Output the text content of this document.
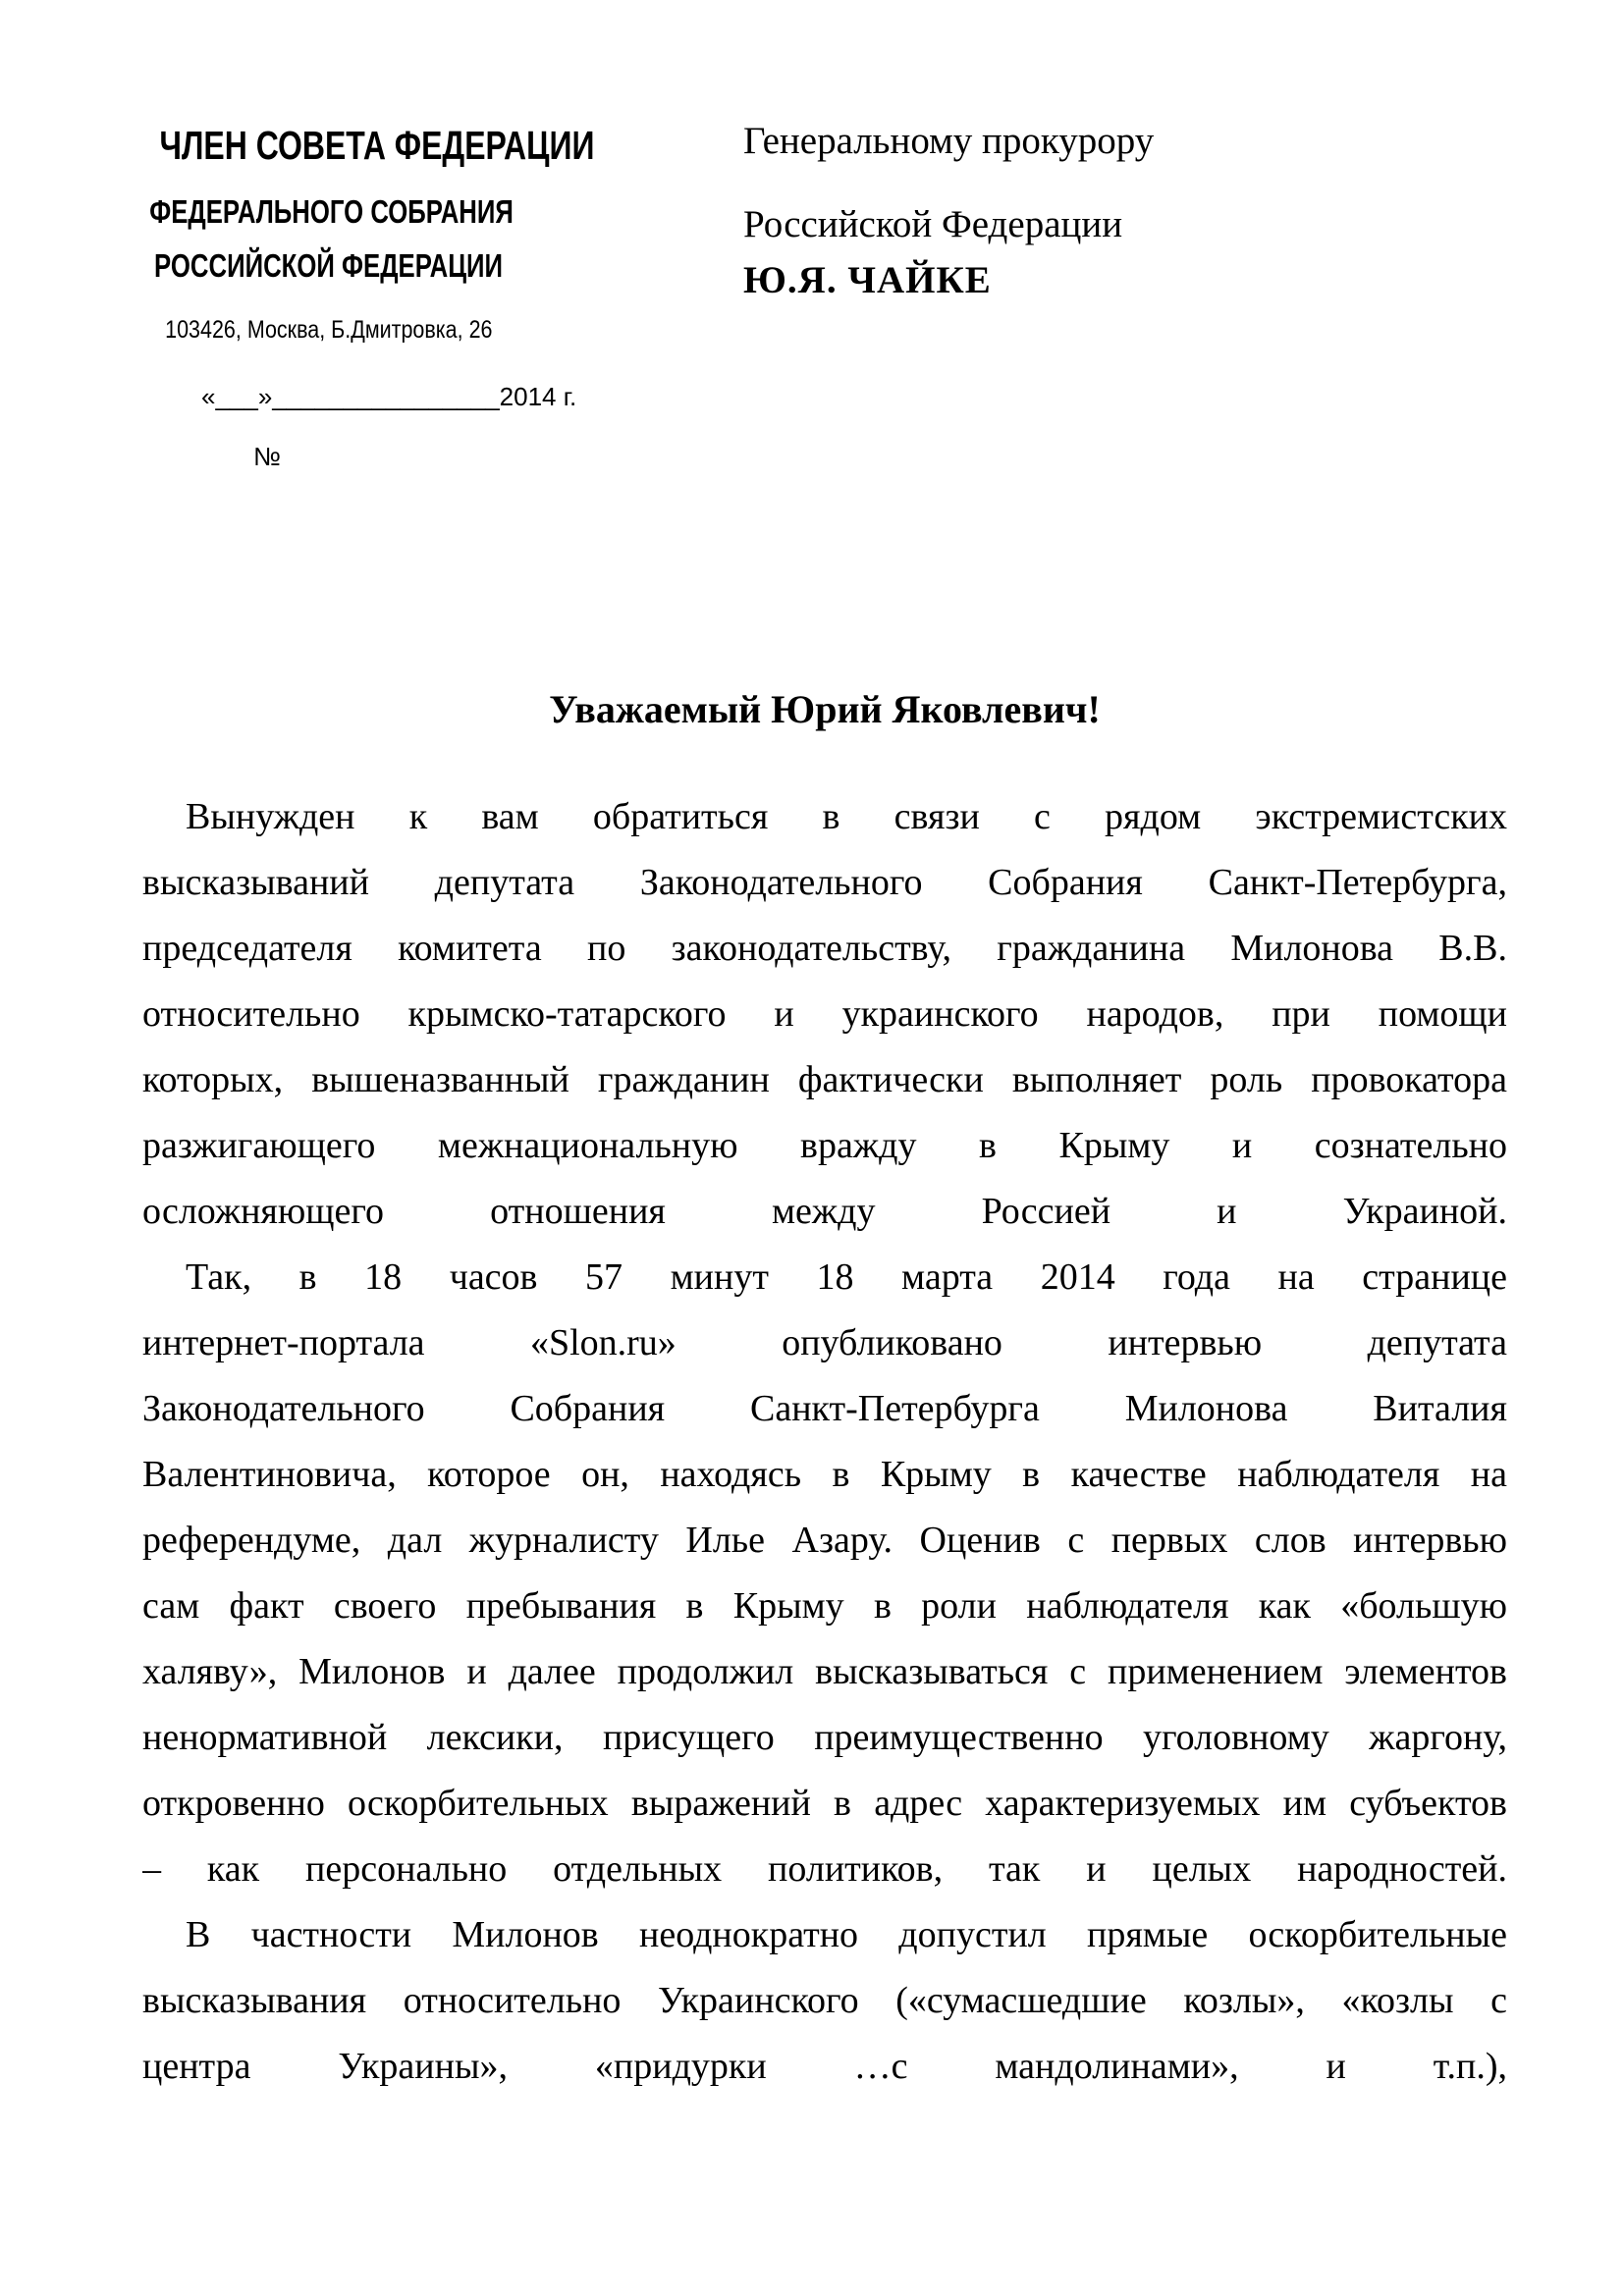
ЧЛЕН СОВЕТА ФЕДЕРАЦИИ
ФЕДЕРАЛЬНОГО СОБРАНИЯ
РОССИЙСКОЙ ФЕДЕРАЦИИ
103426, Москва, Б.Дмитровка, 26
«___»________________2014 г.
№
Генеральному прокурору
Российской Федерации
Ю.Я. ЧАЙКЕ
Уважаемый Юрий Яковлевич!
Вынужден к вам обратиться в связи с рядом экстремистских
высказываний депутата Законодательного Собрания Санкт-Петербурга,
председателя комитета по законодательству, гражданина Милонова В.В.
относительно крымско-татарского и украинского народов, при помощи
которых, вышеназванный гражданин фактически выполняет роль провокатора
разжигающего межнациональную вражду в Крыму и сознательно
осложняющего отношения между Россией и Украиной.
Так, в 18 часов 57 минут 18 марта 2014 года на странице
интернет-портала «Slon.ru» опубликовано интервью депутата
Законодательного Собрания Санкт-Петербурга Милонова Виталия
Валентиновича, которое он, находясь в Крыму в качестве наблюдателя на
референдуме, дал журналисту Илье Азару. Оценив с первых слов интервью
сам факт своего пребывания в Крыму в роли наблюдателя как «большую
халяву», Милонов и далее продолжил высказываться с применением элементов
ненормативной лексики, присущего преимущественно уголовному жаргону,
откровенно оскорбительных выражений в адрес характеризуемых им субъектов
– как персонально отдельных политиков, так и целых народностей.
В частности Милонов неоднократно допустил прямые оскорбительные
высказывания относительно Украинского («сумасшедшие козлы», «козлы с
центра Украины», «придурки …с мандолинами», и т.п.),
